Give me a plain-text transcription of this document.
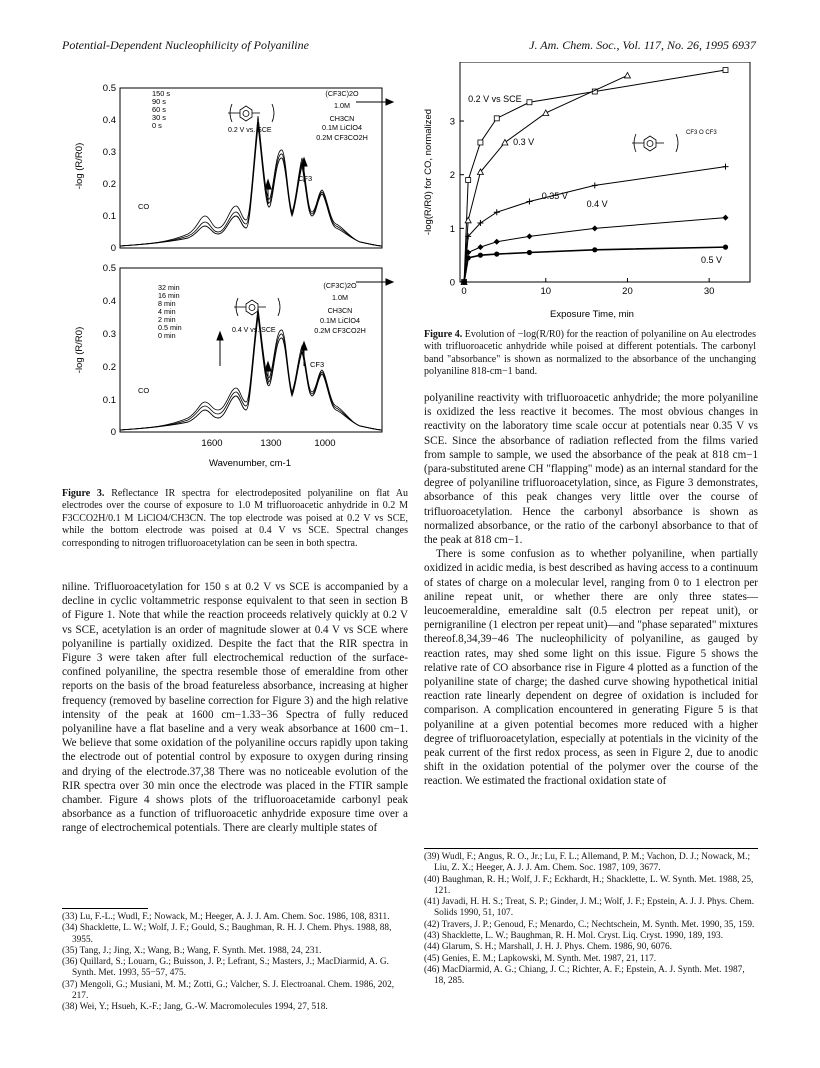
Potential-Dependent Nucleophilicity of Polyaniline	J. Am. Chem. Soc., Vol. 117, No. 26, 1995 6937
0.5
0.4
0.3
0.2
0.1
0
-log (R/R0)
CO
CF3
0.2 V vs. SCE
150 s
90 s
60 s
30 s
0 s
(CF3C)2O
1.0M
CH3CN
0.1M LiClO4
0.2M CF3CO2H
0.5
0.4
0.3
0.2
0.1
0
-log (R/R0)
CO
CF3
0.4 V vs. SCE
1600	1300	1000
Wavenumber, cm-1
32 min
16 min
8 min
4 min
2 min
0.5 min
0 min
(CF3C)2O
1.0M
CH3CN
0.1M LiClO4
0.2M CF3CO2H
Figure 3. Reflectance IR spectra for electrodeposited polyaniline on flat Au electrodes over the course of exposure to 1.0 M trifluoroacetic anhydride in 0.2 M F3CCO2H/0.1 M LiClO4/CH3CN. The top electrode was poised at 0.2 V vs SCE, while the bottom electrode was poised at 0.4 V vs SCE. Spectral changes corresponding to nitrogen trifluoroacetylation can be seen in both spectra.
0	10	20	30
0
1
2
3
0.2 V vs SCE
0.3 V
0.35 V
0.4 V
0.5 V
CF3 O CF3
Exposure Time, min
-log(R/R0) for CO, normalized
Figure 4. Evolution of −log(R/R0) for the reaction of polyaniline on Au electrodes with trifluoroacetic anhydride while poised at different potentials. The carbonyl band "absorbance" is shown as normalized to the absorbance of the unchanging polyaniline 818-cm−1 band.

niline. Trifluoroacetylation for 150 s at 0.2 V vs SCE is accompanied by a decline in cyclic voltammetric response equivalent to that seen in section B of Figure 1. Note that while the reaction proceeds relatively quickly at 0.2 V vs SCE, acetylation is an order of magnitude slower at 0.4 V vs SCE where polyaniline is partially oxidized. Despite the fact that the RIR spectra in Figure 3 were taken after full electrochemical reduction of the surface-confined polyaniline, the spectra resemble those of emeraldine from other reports on the basis of the broad featureless absorbance, increasing at higher frequency (removed by baseline correction for Figure 3) and the high relative intensity of the peak at 1600 cm−1.33−36 Spectra of fully reduced polyaniline have a flat baseline and a very weak absorbance at 1600 cm−1. We believe that some oxidation of the polyaniline occurs rapidly upon taking the electrode out of potential control by exposure to oxygen during rinsing and drying of the electrode.37,38 There was no noticeable evolution of the RIR spectra over 30 min once the electrode was placed in the FTIR sample chamber. Figure 4 shows plots of the trifluoroacetamide carbonyl peak absorbance as a function of trifluoroacetic anhydride exposure time over a range of electrochemical potentials. There are clearly multiple states of

(33) Lu, F.-L.; Wudl, F.; Nowack, M.; Heeger, A. J. J. Am. Chem. Soc. 1986, 108, 8311.
(34) Shacklette, L. W.; Wolf, J. F.; Gould, S.; Baughman, R. H. J. Chem. Phys. 1988, 88, 3955.
(35) Tang, J.; Jing, X.; Wang, B.; Wang, F. Synth. Met. 1988, 24, 231.
(36) Quillard, S.; Louarn, G.; Buisson, J. P.; Lefrant, S.; Masters, J.; MacDiarmid, A. G. Synth. Met. 1993, 55−57, 475.
(37) Mengoli, G.; Musiani, M. M.; Zotti, G.; Valcher, S. J. Electroanal. Chem. 1986, 202, 217.
(38) Wei, Y.; Hsueh, K.-F.; Jang, G.-W. Macromolecules 1994, 27, 518.

polyaniline reactivity with trifluoroacetic anhydride; the more polyaniline is oxidized the less reactive it becomes. The most obvious changes in reactivity on the laboratory time scale occur at potentials near 0.35 V vs SCE. Since the absorbance of radiation reflected from the films varied from sample to sample, we used the absorbance of the peak at 818 cm−1 (para-substituted arene CH "flapping" mode) as an internal standard for the degree of polyaniline trifluoroacetylation, since, as Figure 3 demonstrates, absorbance of this peak changes very little over the course of trifluoroacetylation. Hence the carbonyl absorbance is shown as normalized absorbance, or the ratio of the carbonyl absorbance to that of the peak at 818 cm−1.

There is some confusion as to whether polyaniline, when partially oxidized in acidic media, is best described as having access to a continuum of states of charge on a molecular level, ranging from 0 to 1 electron per aniline repeat unit, or whether there are only three states—leucoemeraldine, emeraldine salt (0.5 electron per repeat unit), or pernigraniline (1 electron per repeat unit)—and "phase separated" mixtures thereof.8,34,39−46 The nucleophilicity of polyaniline, as gauged by reaction rates, may shed some light on this issue. Figure 5 shows the relative rate of CO absorbance rise in Figure 4 plotted as a function of the polyaniline state of charge; the dashed curve showing hypothetical initial reaction rate linearly dependent on degree of oxidation is included for comparison. A complication encountered in generating Figure 5 is that polyaniline at a given potential becomes more reduced with a higher degree of trifluoroacetylation, especially at potentials in the vicinity of the peak current of the first redox process, as seen in Figure 2, due to anodic shift in the oxidation potential of the polymer over the course of the reaction. We estimated the fractional oxidation state of

(39) Wudl, F.; Angus, R. O., Jr.; Lu, F. L.; Allemand, P. M.; Vachon, D. J.; Nowack, M.; Liu, Z. X.; Heeger, A. J. J. Am. Chem. Soc. 1987, 109, 3677.
(40) Baughman, R. H.; Wolf, J. F.; Eckhardt, H.; Shacklette, L. W. Synth. Met. 1988, 25, 121.
(41) Javadi, H. H. S.; Treat, S. P.; Ginder, J. M.; Wolf, J. F.; Epstein, A. J. J. Phys. Chem. Solids 1990, 51, 107.
(42) Travers, J. P.; Genoud, F.; Menardo, C.; Nechtschein, M. Synth. Met. 1990, 35, 159.
(43) Shacklette, L. W.; Baughman, R. H. Mol. Cryst. Liq. Cryst. 1990, 189, 193.
(44) Glarum, S. H.; Marshall, J. H. J. Phys. Chem. 1986, 90, 6076.
(45) Genies, E. M.; Lapkowski, M. Synth. Met. 1987, 21, 117.
(46) MacDiarmid, A. G.; Chiang, J. C.; Richter, A. F.; Epstein, A. J. Synth. Met. 1987, 18, 285.
